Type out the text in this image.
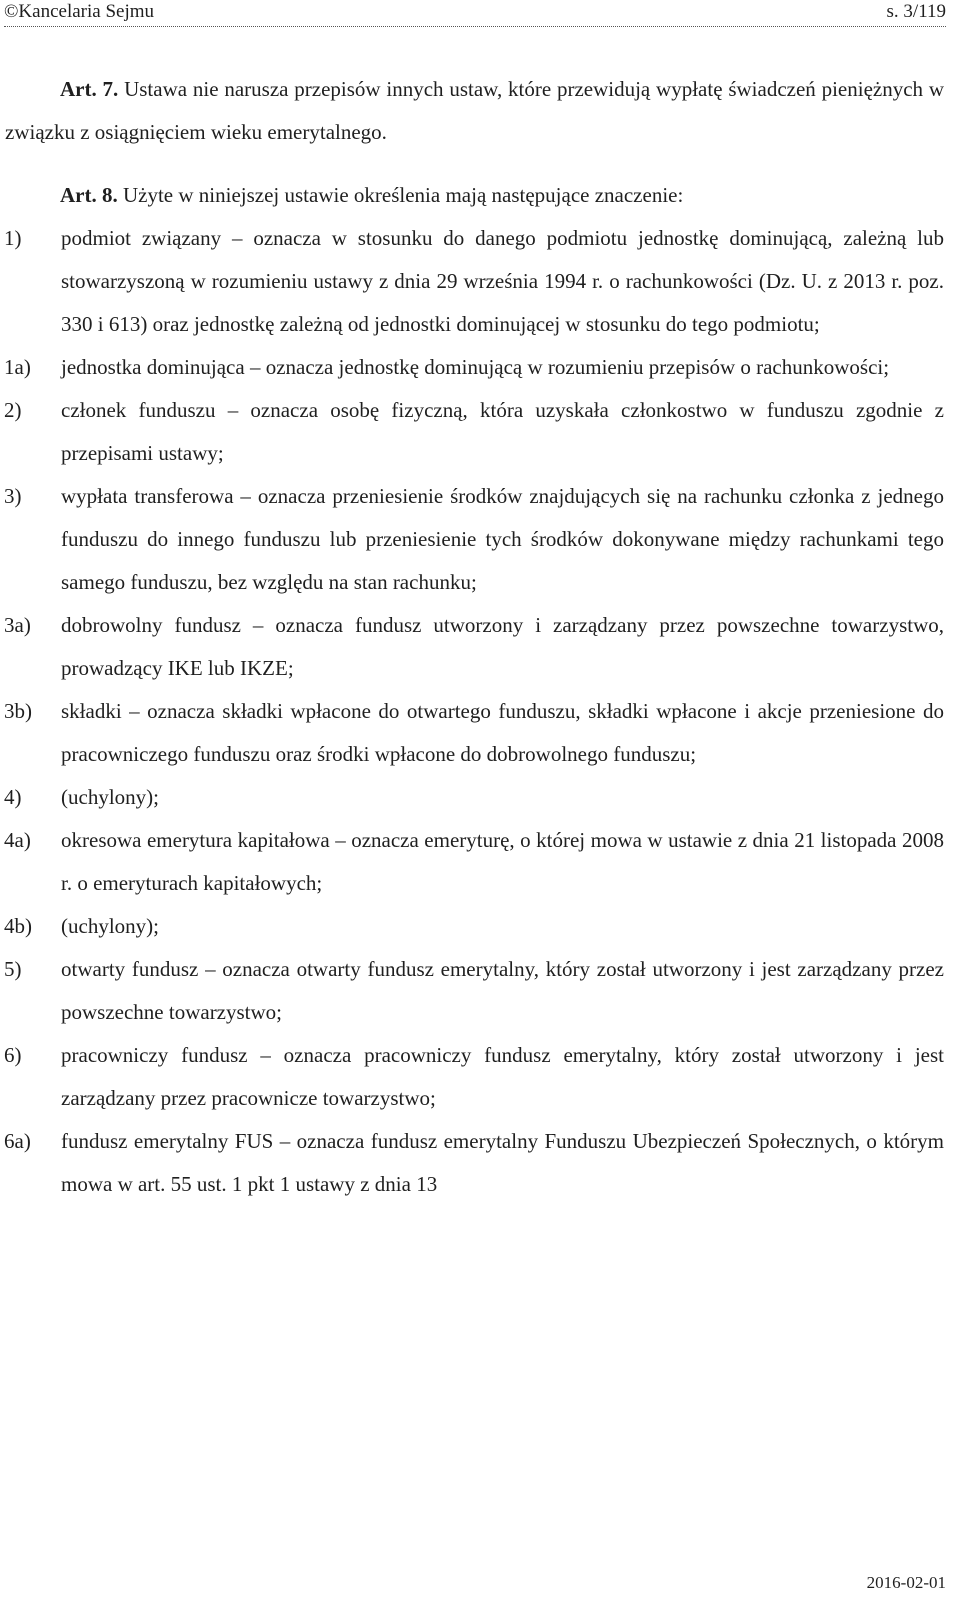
©Kancelaria Sejmu	s. 3/119

Art. 7. Ustawa nie narusza przepisów innych ustaw, które przewidują wypłatę świadczeń pieniężnych w związku z osiągnięciem wieku emerytalnego.

Art. 8. Użyte w niniejszej ustawie określenia mają następujące znaczenie:

1)	podmiot związany – oznacza w stosunku do danego podmiotu jednostkę dominującą, zależną lub stowarzyszoną w rozumieniu ustawy z dnia 29 września 1994 r. o rachunkowości (Dz. U. z 2013 r. poz. 330 i 613) oraz jednostkę zależną od jednostki dominującej w stosunku do tego podmiotu;
1a)	jednostka dominująca – oznacza jednostkę dominującą w rozumieniu przepisów o rachunkowości;
2)	członek funduszu – oznacza osobę fizyczną, która uzyskała członkostwo w funduszu zgodnie z przepisami ustawy;
3)	wypłata transferowa – oznacza przeniesienie środków znajdujących się na rachunku członka z jednego funduszu do innego funduszu lub przeniesienie tych środków dokonywane między rachunkami tego samego funduszu, bez względu na stan rachunku;
3a)	dobrowolny fundusz – oznacza fundusz utworzony i zarządzany przez powszechne towarzystwo, prowadzący IKE lub IKZE;
3b)	składki – oznacza składki wpłacone do otwartego funduszu, składki wpłacone i akcje przeniesione do pracowniczego funduszu oraz środki wpłacone do dobrowolnego funduszu;
4)	(uchylony);
4a)	okresowa emerytura kapitałowa – oznacza emeryturę, o której mowa w ustawie z dnia 21 listopada 2008 r. o emeryturach kapitałowych;
4b)	(uchylony);
5)	otwarty fundusz – oznacza otwarty fundusz emerytalny, który został utworzony i jest zarządzany przez powszechne towarzystwo;
6)	pracowniczy fundusz – oznacza pracowniczy fundusz emerytalny, który został utworzony i jest zarządzany przez pracownicze towarzystwo;
6a)	fundusz emerytalny FUS – oznacza fundusz emerytalny Funduszu Ubezpieczeń Społecznych, o którym mowa w art. 55 ust. 1 pkt 1 ustawy z dnia 13
2016-02-01
